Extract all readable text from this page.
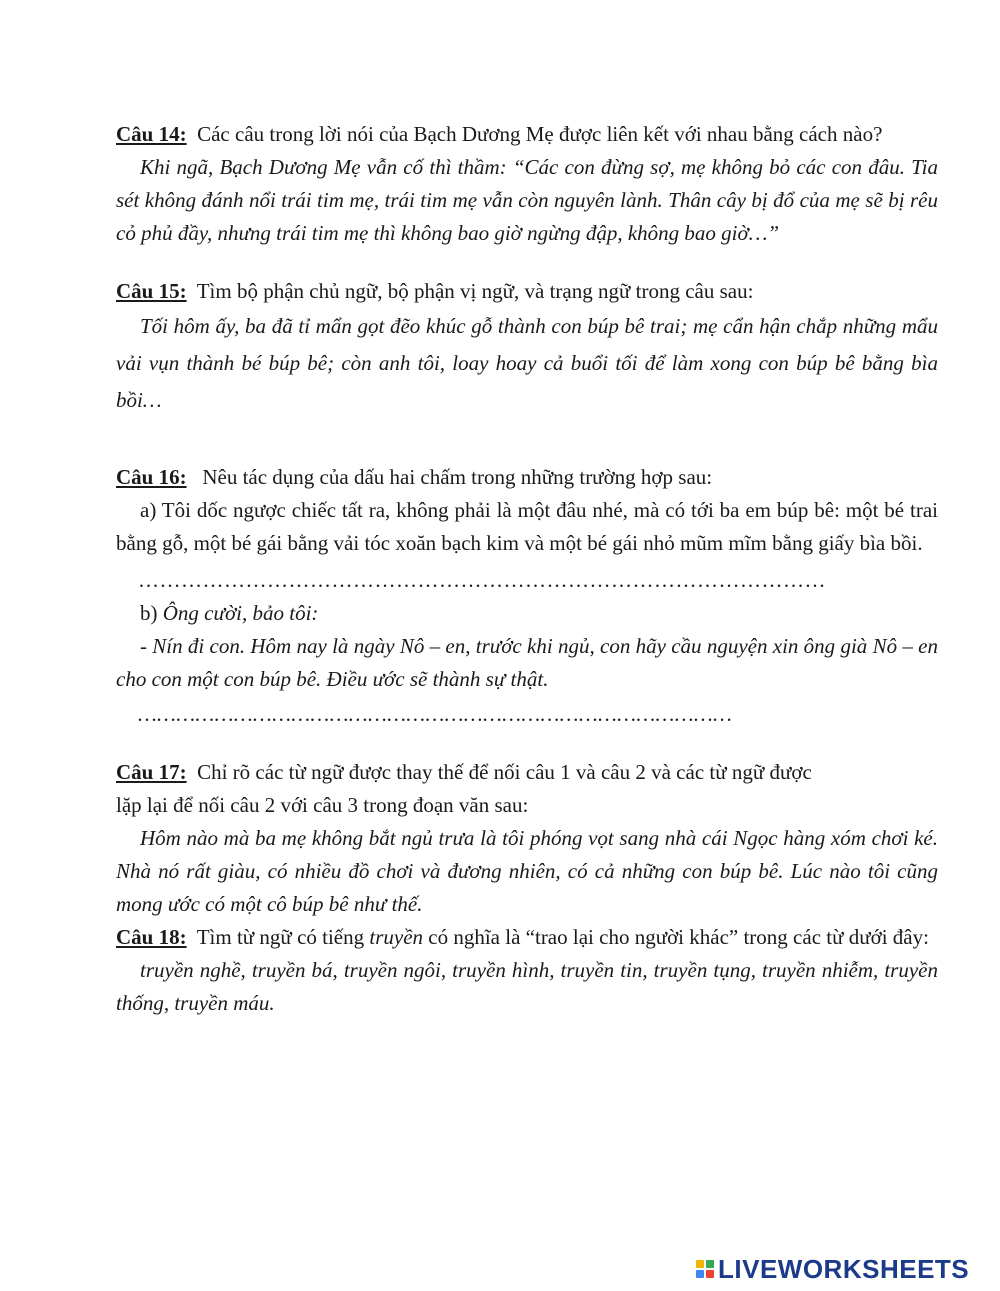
Câu 14: Các câu trong lời nói của Bạch Dương Mẹ được liên kết với nhau bằng cách nào?

Khi ngã, Bạch Dương Mẹ vẫn cố thì thầm: “Các con đừng sợ, mẹ không bỏ các con đâu. Tia sét không đánh nổi trái tim mẹ, trái tim mẹ vẫn còn nguyên lành. Thân cây bị đổ của mẹ sẽ bị rêu cỏ phủ đầy, nhưng trái tim mẹ thì không bao giờ ngừng đập, không bao giờ…”

Câu 15: Tìm bộ phận chủ ngữ, bộ phận vị ngữ, và trạng ngữ trong câu sau:

Tối hôm ấy, ba đã tỉ mẩn gọt đẽo khúc gỗ thành con búp bê trai; mẹ cẩn hận chắp những mẩu vải vụn thành bé búp bê; còn anh tôi, loay hoay cả buổi tối để làm xong con búp bê bằng bìa bồi…

Câu 16: Nêu tác dụng của dấu hai chấm trong những trường hợp sau:

a) Tôi dốc ngược chiếc tất ra, không phải là một đâu nhé, mà có tới ba em búp bê: một bé trai bằng gỗ, một bé gái bằng vải tóc xoăn bạch kim và một bé gái nhỏ mũm mĩm bằng giấy bìa bồi.

……………………………………………………………………………………

b) Ông cười, bảo tôi:

- Nín đi con. Hôm nay là ngày Nô – en, trước khi ngủ, con hãy cầu nguyện xin ông già Nô – en cho con một con búp bê. Điều ước sẽ thành sự thật.

…………………………………………………………………………………

Câu 17: Chỉ rõ các từ ngữ được thay thế để nối câu 1 và câu 2 và các từ ngữ được

lặp lại để nối câu 2 với câu 3 trong đoạn văn sau:

Hôm nào mà ba mẹ không bắt ngủ trưa là tôi phóng vọt sang nhà cái Ngọc hàng xóm chơi ké. Nhà nó rất giàu, có nhiều đồ chơi và đương nhiên, có cả những con búp bê. Lúc nào tôi cũng mong ước có một cô búp bê như thế.

Câu 18: Tìm từ ngữ có tiếng truyền có nghĩa là “trao lại cho người khác” trong các từ dưới đây:

truyền nghề, truyền bá, truyền ngôi, truyền hình, truyền tin, truyền tụng, truyền nhiễm, truyền thống, truyền máu.

LIVEWORKSHEETS
